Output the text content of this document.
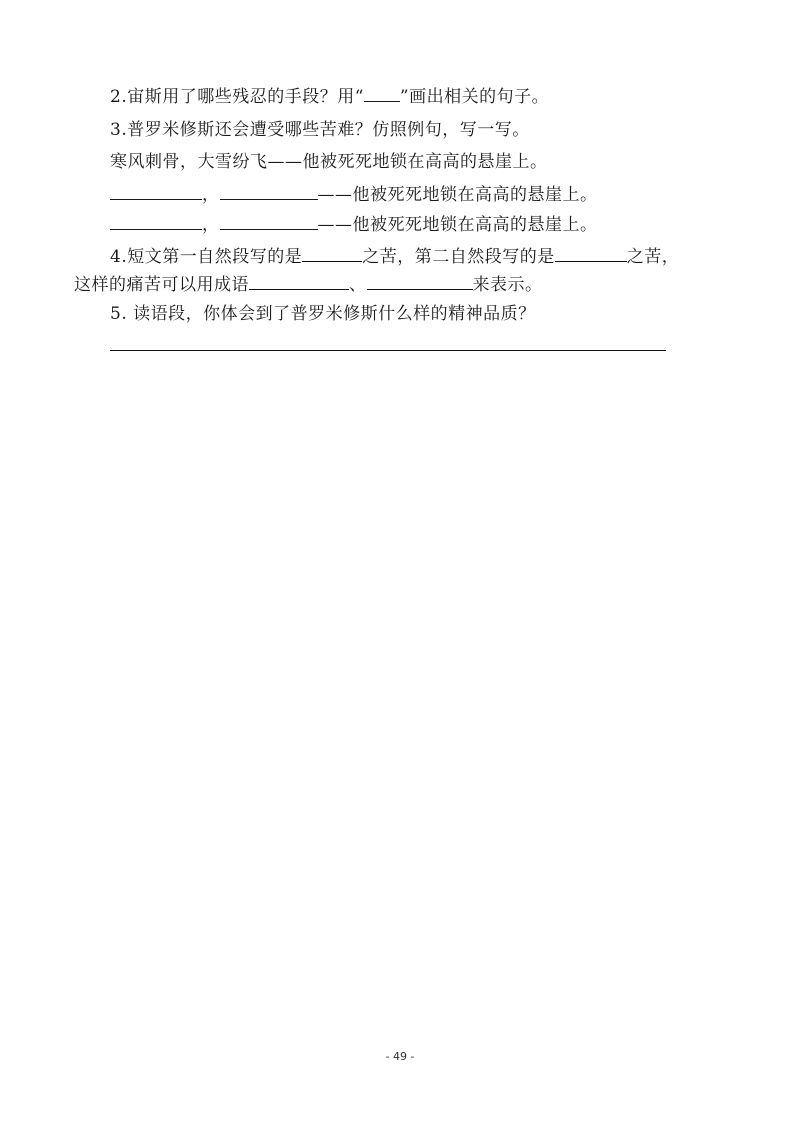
2.宙斯用了哪些残忍的手段？用“ ”画出相关的句子。
3.普罗米修斯还会遭受哪些苦难？仿照例句，写一写。
寒风刺骨，大雪纷飞——他被死死地锁在高高的悬崖上。
，	——他被死死地锁在高高的悬崖上。
，	——他被死死地锁在高高的悬崖上。
4.短文第一自然段写的是	之苦，第二自然段写的是	之苦，
这样的痛苦可以用成语	、	来表示。
5. 读语段，你体会到了普罗米修斯什么样的精神品质？
- 49 -
